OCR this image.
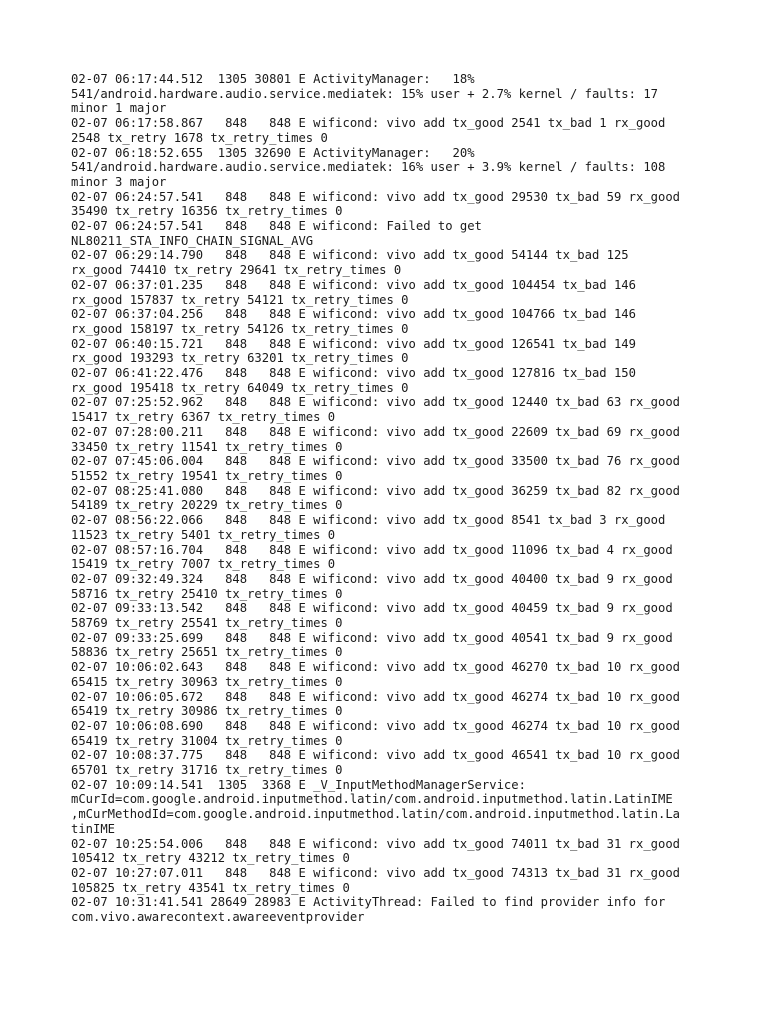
02-07 06:17:44.512  1305 30801 E ActivityManager:   18%
541/android.hardware.audio.service.mediatek: 15% user + 2.7% kernel / faults: 17
minor 1 major
02-07 06:17:58.867   848   848 E wificond: vivo add tx_good 2541 tx_bad 1 rx_good
2548 tx_retry 1678 tx_retry_times 0
02-07 06:18:52.655  1305 32690 E ActivityManager:   20%
541/android.hardware.audio.service.mediatek: 16% user + 3.9% kernel / faults: 108
minor 3 major
02-07 06:24:57.541   848   848 E wificond: vivo add tx_good 29530 tx_bad 59 rx_good
35490 tx_retry 16356 tx_retry_times 0
02-07 06:24:57.541   848   848 E wificond: Failed to get
NL80211_STA_INFO_CHAIN_SIGNAL_AVG
02-07 06:29:14.790   848   848 E wificond: vivo add tx_good 54144 tx_bad 125
rx_good 74410 tx_retry 29641 tx_retry_times 0
02-07 06:37:01.235   848   848 E wificond: vivo add tx_good 104454 tx_bad 146
rx_good 157837 tx_retry 54121 tx_retry_times 0
02-07 06:37:04.256   848   848 E wificond: vivo add tx_good 104766 tx_bad 146
rx_good 158197 tx_retry 54126 tx_retry_times 0
02-07 06:40:15.721   848   848 E wificond: vivo add tx_good 126541 tx_bad 149
rx_good 193293 tx_retry 63201 tx_retry_times 0
02-07 06:41:22.476   848   848 E wificond: vivo add tx_good 127816 tx_bad 150
rx_good 195418 tx_retry 64049 tx_retry_times 0
02-07 07:25:52.962   848   848 E wificond: vivo add tx_good 12440 tx_bad 63 rx_good
15417 tx_retry 6367 tx_retry_times 0
02-07 07:28:00.211   848   848 E wificond: vivo add tx_good 22609 tx_bad 69 rx_good
33450 tx_retry 11541 tx_retry_times 0
02-07 07:45:06.004   848   848 E wificond: vivo add tx_good 33500 tx_bad 76 rx_good
51552 tx_retry 19541 tx_retry_times 0
02-07 08:25:41.080   848   848 E wificond: vivo add tx_good 36259 tx_bad 82 rx_good
54189 tx_retry 20229 tx_retry_times 0
02-07 08:56:22.066   848   848 E wificond: vivo add tx_good 8541 tx_bad 3 rx_good
11523 tx_retry 5401 tx_retry_times 0
02-07 08:57:16.704   848   848 E wificond: vivo add tx_good 11096 tx_bad 4 rx_good
15419 tx_retry 7007 tx_retry_times 0
02-07 09:32:49.324   848   848 E wificond: vivo add tx_good 40400 tx_bad 9 rx_good
58716 tx_retry 25410 tx_retry_times 0
02-07 09:33:13.542   848   848 E wificond: vivo add tx_good 40459 tx_bad 9 rx_good
58769 tx_retry 25541 tx_retry_times 0
02-07 09:33:25.699   848   848 E wificond: vivo add tx_good 40541 tx_bad 9 rx_good
58836 tx_retry 25651 tx_retry_times 0
02-07 10:06:02.643   848   848 E wificond: vivo add tx_good 46270 tx_bad 10 rx_good
65415 tx_retry 30963 tx_retry_times 0
02-07 10:06:05.672   848   848 E wificond: vivo add tx_good 46274 tx_bad 10 rx_good
65419 tx_retry 30986 tx_retry_times 0
02-07 10:06:08.690   848   848 E wificond: vivo add tx_good 46274 tx_bad 10 rx_good
65419 tx_retry 31004 tx_retry_times 0
02-07 10:08:37.775   848   848 E wificond: vivo add tx_good 46541 tx_bad 10 rx_good
65701 tx_retry 31716 tx_retry_times 0
02-07 10:09:14.541  1305  3368 E _V_InputMethodManagerService:
mCurId=com.google.android.inputmethod.latin/com.android.inputmethod.latin.LatinIME
,mCurMethodId=com.google.android.inputmethod.latin/com.android.inputmethod.latin.La
tinIME
02-07 10:25:54.006   848   848 E wificond: vivo add tx_good 74011 tx_bad 31 rx_good
105412 tx_retry 43212 tx_retry_times 0
02-07 10:27:07.011   848   848 E wificond: vivo add tx_good 74313 tx_bad 31 rx_good
105825 tx_retry 43541 tx_retry_times 0
02-07 10:31:41.541 28649 28983 E ActivityThread: Failed to find provider info for
com.vivo.awarecontext.awareeventprovider
